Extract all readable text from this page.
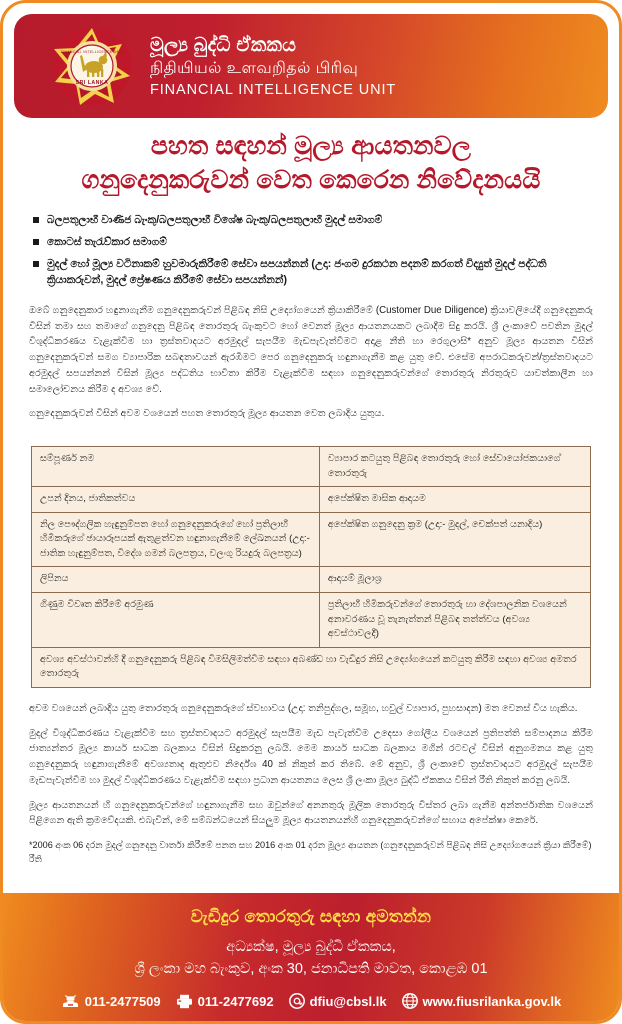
FINANCIAL INTELLIGENCE UNIT
SRI LANKA
මූල්‍ය බුද්ධි ඒකකය
நிதியியல் உளவறிதல் பிரிவு
FINANCIAL INTELLIGENCE UNIT
පහත සඳහන් මූල්‍ය ආයතනවල
ගනුදෙනුකරුවන් වෙත කෙරෙන නිවේදනයයි
බලපතුලාභී වාණිජ බැංකු/බලපතුලාභී විශේෂ බැංකු/බලපතුලාභී මුදල් සමාගම්
කොටස් තැරැව්කාර සමාගම්
මුදල් හෝ මූල්‍ය වටිනාකම් හුවමාරුකිරීමේ සේවා සපයන්නන් (උදා: ජංගම දුරකථන පදනම් කරගත් විද්‍යුත් මුදල් පද්ධති ක්‍රියාකරුවන්, මුදල් ප්‍රේෂණය කිරීමේ සේවා සපයන්නන්)

ඔබේ ගනුදෙනුකාර හඳුනාගැනීම ගනුදෙනුකරුවන් පිළිබඳ නිසි උද්‍යෝගයෙන් ක්‍රියාකිරීමේ (Customer Due Diligence) ක්‍රියාවලියේදී ගනුදෙනුකරු විසින් තමා සහ තමාගේ ගනුදෙනු පිළිබඳ තොරතුරු බැංකුවට හෝ වෙනත් මූල්‍ය ආයතනයකට ලබාදීම සිදු කරයි. ශ්‍රී ලංකාවේ පවතින මුදල් විශුද්ධිකරණය වැළැක්වීම හා ත්‍රස්තවාදයට අරමුදල් සැපයීම මැඩපැවැත්වීමට අදාළ නීති හා රෙගුලාසි* අනුව මූල්‍ය ආයතන විසින් ගනුදෙනුකරුවන් සමග ව්‍යාපාරික සබඳතාවයන් ඇරඹීමට පෙර ගනුදෙනුකරු හඳුනාගැනීම කළ යුතු වේ. එසේම අපරාධකරුවන්/ත්‍රස්තවාදයට අරමුදල් සපයන්නන් විසින් මූල්‍ය පද්ධතිය භාවිතා කිරීම වැළැක්වීම සඳහා ගනුදෙනුකරුවන්ගේ තොරතුරු නිරතුරුව යාවත්කාලීන හා සමාලෝචනය කිරීම ද අවශ්‍ය වේ.

ගනුදෙනුකරුවන් විසින් අවම වශයෙන් පහත තොරතුරු මූල්‍ය ආයතන වෙත ලබාදිය යුතුය.

සම්පූර්ණ නම	ව්‍යාපාර කටයුතු පිළිබඳ තොරතුරු හෝ සේවායෝජකයාගේ තොරතුරු
උපන් දිනය, ජාතිකත්වය	අපේක්ෂිත මාසික ආදායම
නිල පෞද්ගලික හැඳුනුම්පත හෝ ගනුදෙනුකරුගේ හෝ ප්‍රතිලාභී හිමිකරුගේ ඡායාරූපයක් ඇතුළත්වන හඳුනාගැනීමේ ලේඛනයන් (උදා:- ජාතික හැඳුනුම්පත, විදේශ ගමන් බලපත්‍රය, වලංගු රියදුරු බලපත්‍රය)	අපේක්ෂිත ගනුදෙනු ක්‍රම (උදා:- මුදල්, චෙක්පත් යනාදිය)
ලිපිනය	ආදායම් මූලාශ්‍ර
ගිණුම විවෘත කිරීමේ අරමුණ	ප්‍රතිලාභී හිමිකරුවන්ගේ තොරතුරු හා දේශපාලනික වශයෙන් අනාවරණය වූ තැනැත්තන් පිළිබඳ තත්ත්වය (අවශ්‍ය අවස්ථාවලදී)
අවශ්‍ය අවස්ථාවන්හි දී ගනුදෙනුකරු පිළිබඳ විමසිලිමත්වීම සඳහා අබණ්ඩ හා වැඩිදුර නිසි උද්‍යෝගයෙන් කටයුතු කිරීම සඳහා අවශ්‍ය අමතර තොරතුරු	

අවම වශයෙන් ලබාදිය යුතු තොරතුරු ගනුදෙනුකරුගේ ස්වභාවය (උදා: තනිපුද්ගල, සමූහ, හවුල් ව්‍යාපාර, පුහසාදන) මත වෙනස් විය හැකිය.

මුදල් විශුද්ධිකරණය වැළැක්වීම සහ ත්‍රස්තවාදයට අරමුදල් සැපයීම මැඩ පැවැත්වීම උදෙසා ගෝලීය වශයෙන් ප්‍රතිපත්ති සම්පාදනය කිරීම ජාත්‍යන්තර මූල්‍ය කාර්ය සාධක බලකාය විසින් සිදුකරනු ලබයි. මෙම කාර්ය සාධක බලකාය මගින් රටවල් විසින් අනුගමනය කළ යුතු ගනුදෙනුකරු හඳුනාගැනීමේ අවශ්‍යතාද ඇතුළුව නිර්දේශ 40 ක් නිකුත් කර තිබේ. මේ අනුව, ශ්‍රී ලංකාවේ ත්‍රස්තවාදයට අරමුදල් සැපයීම මැඩපැවැත්වීම හා මුදල් විශුද්ධිකරණය වැළැක්වීම සඳහා ප්‍රධාන ආයතනය ලෙස ශ්‍රී ලංකා මූල්‍ය බුද්ධි ඒකකය විසින් රීති නිකුත් කරනු ලබයි.

මූල්‍ය ආයතනයන් හි ගනුදෙනුකරුවන්ගේ හඳුනාගැනීම සහ ඔවුන්ගේ අනනතුරු මූලික තොරතුරු විස්තර ලබා ගැනීම අන්තර්ජාතික වශයෙන් පිළිගෙන ඇති ක්‍රමවේදයකි. එබැවින්, මේ සම්බන්ධයෙන් සියලුම මූල්‍ය ආයතනයන්හි ගනුදෙනුකරුවන්ගේ සහාය අපේක්ෂා කෙරේ.

*2006 අංක 06 දරන මුදල් ගනුදෙනු වාර්තා කිරීමේ පනත සහ 2016 අංක 01 දරන මූල්‍ය ආයතන (ගනුදෙනුකරුවන් පිළිබඳ නිසි උද්‍යෝගයෙන් ක්‍රියා කිරීමේ) රීති

වැඩිදුර තොරතුරු සඳහා අමතන්න
අධ්‍යක්ෂ, මූල්‍ය බුද්ධි ඒකකය,
ශ්‍රී ලංකා මහ බැංකුව, අංක 30, ජනාධිපති මාවත, කොළඹ 01
011-2477509	011-2477692	dfiu@cbsl.lk	www.fiusrilanka.gov.lk
